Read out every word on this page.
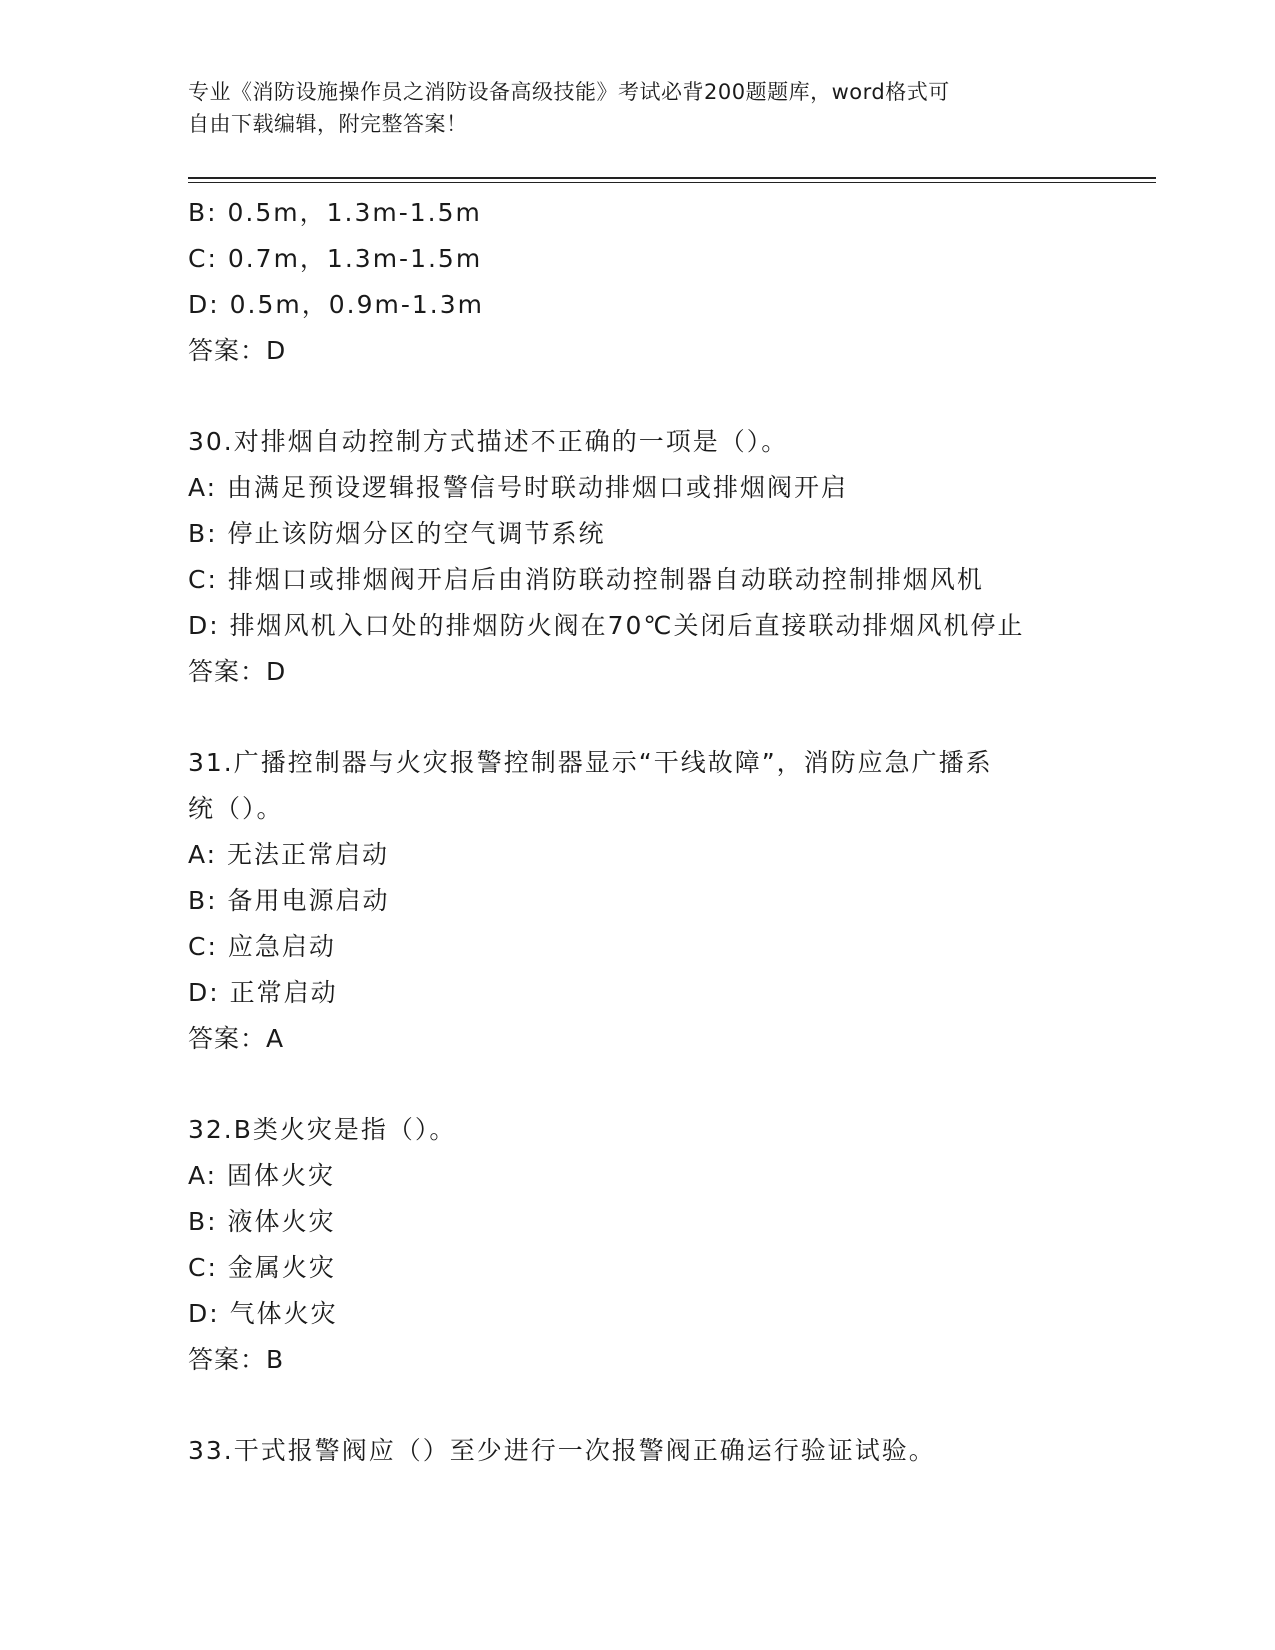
专业《消防设施操作员之消防设备高级技能》考试必背200题题库，word格式可

自由下载编辑，附完整答案！

B: 0.5m，1.3m-1.5m
C: 0.7m，1.3m-1.5m
D: 0.5m，0.9m-1.3m
答案：D
30.对排烟自动控制方式描述不正确的一项是（）。
A: 由满足预设逻辑报警信号时联动排烟口或排烟阀开启
B: 停止该防烟分区的空气调节系统
C: 排烟口或排烟阀开启后由消防联动控制器自动联动控制排烟风机
D: 排烟风机入口处的排烟防火阀在70℃关闭后直接联动排烟风机停止
答案：D
31.广播控制器与火灾报警控制器显示“干线故障”，消防应急广播系
统（）。
A: 无法正常启动
B: 备用电源启动
C: 应急启动
D: 正常启动
答案：A
32.B类火灾是指（）。
A: 固体火灾
B: 液体火灾
C: 金属火灾
D: 气体火灾
答案：B
33.干式报警阀应（）至少进行一次报警阀正确运行验证试验。
